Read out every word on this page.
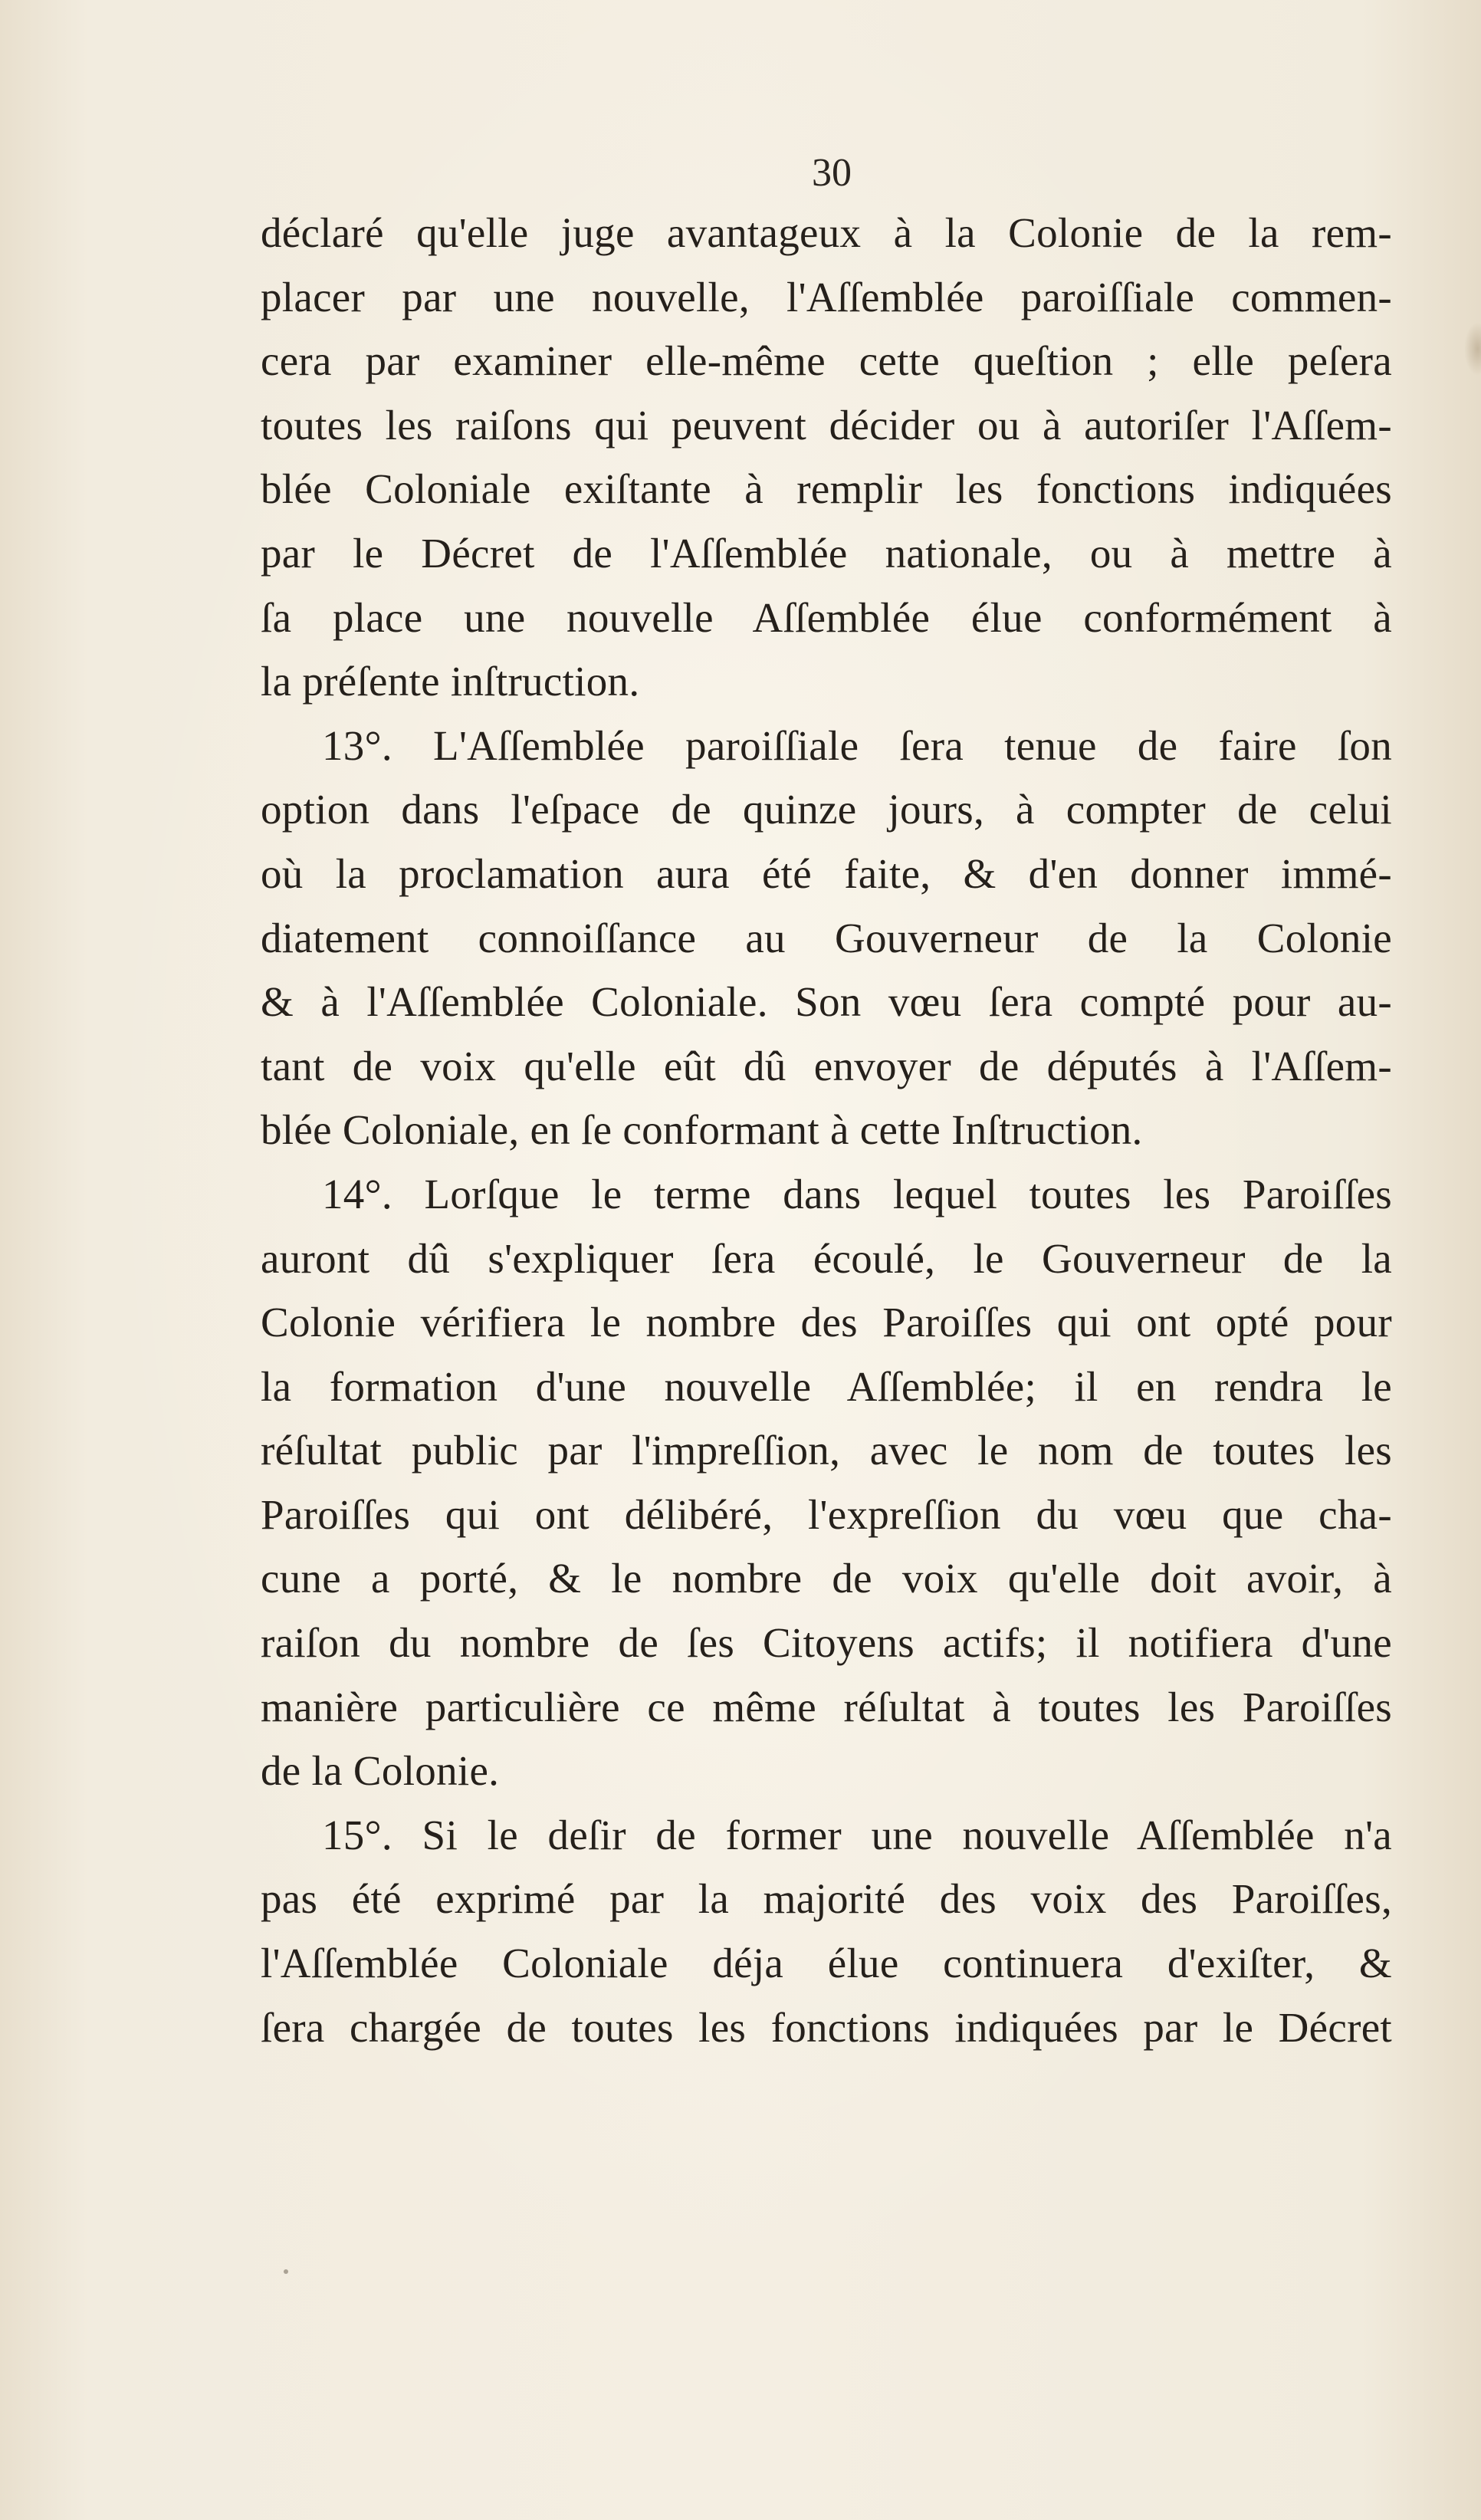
30
déclaré qu'elle juge avantageux à la Colonie de la rem-
placer par une nouvelle, l'Aſſemblée paroiſſiale commen-
cera par examiner elle-même cette queſtion ; elle peſera
toutes les raiſons qui peuvent décider ou à autoriſer l'Aſſem-
blée Coloniale exiſtante à remplir les fonctions indiquées
par le Décret de l'Aſſemblée nationale, ou à mettre à
ſa place une nouvelle Aſſemblée élue conformément à
la préſente inſtruction.
13°. L'Aſſemblée paroiſſiale ſera tenue de faire ſon
option dans l'eſpace de quinze jours, à compter de celui
où la proclamation aura été faite, & d'en donner immé-
diatement connoiſſance au Gouverneur de la Colonie
& à l'Aſſemblée Coloniale. Son vœu ſera compté pour au-
tant de voix qu'elle eût dû envoyer de députés à l'Aſſem-
blée Coloniale, en ſe conformant à cette Inſtruction.
14°. Lorſque le terme dans lequel toutes les Paroiſſes
auront dû s'expliquer ſera écoulé, le Gouverneur de la
Colonie vérifiera le nombre des Paroiſſes qui ont opté pour
la formation d'une nouvelle Aſſemblée; il en rendra le
réſultat public par l'impreſſion, avec le nom de toutes les
Paroiſſes qui ont délibéré, l'expreſſion du vœu que cha-
cune a porté, & le nombre de voix qu'elle doit avoir, à
raiſon du nombre de ſes Citoyens actifs; il notifiera d'une
manière particulière ce même réſultat à toutes les Paroiſſes
de la Colonie.
15°. Si le deſir de former une nouvelle Aſſemblée n'a
pas été exprimé par la majorité des voix des Paroiſſes,
l'Aſſemblée Coloniale déja élue continuera d'exiſter, &
ſera chargée de toutes les fonctions indiquées par le Décret
